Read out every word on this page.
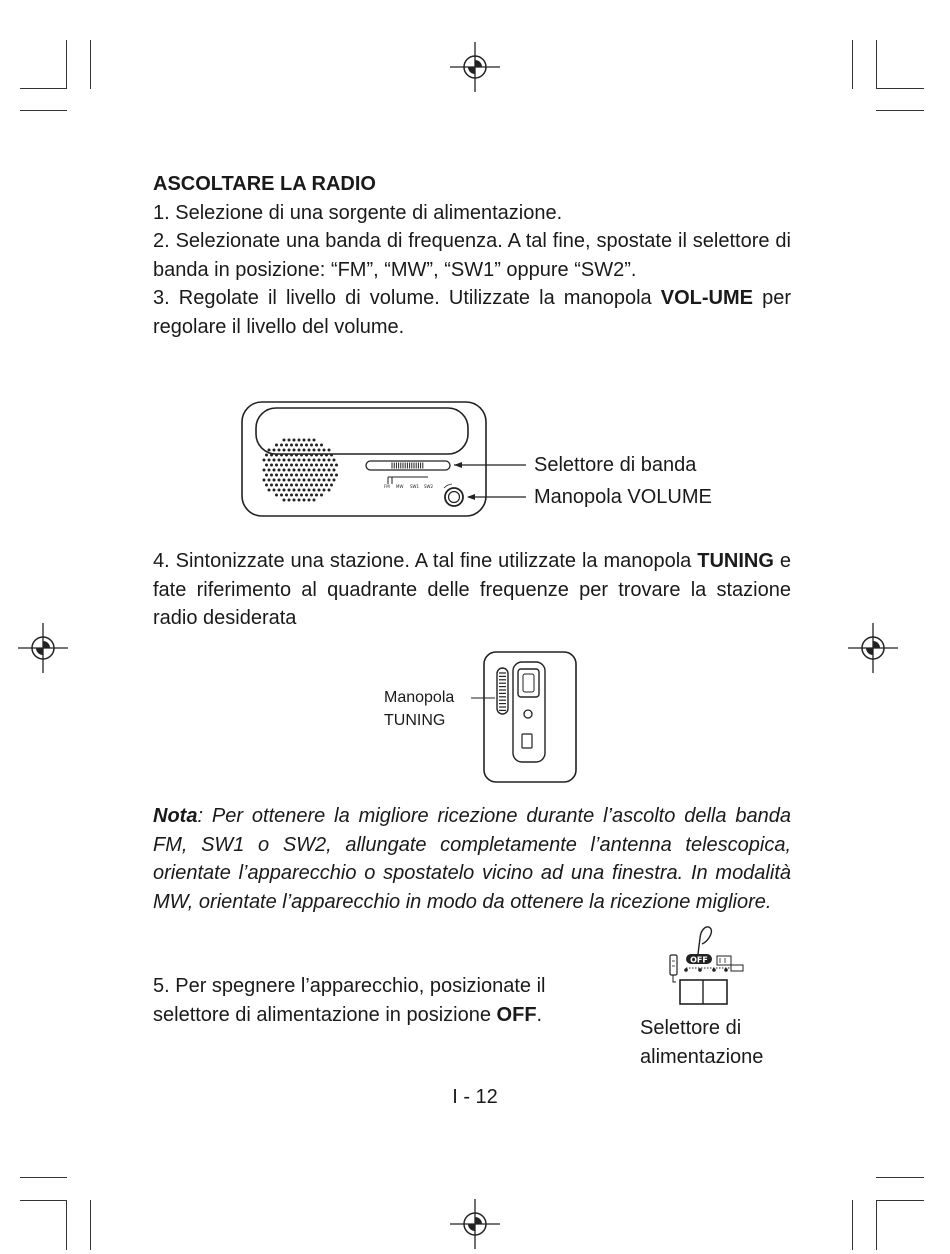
ASCOLTARE LA RADIO
1. Selezione di una sorgente di alimentazione.
2. Selezionate una banda di frequenza. A tal fine, spostate il selettore di banda in posizione: “FM”, “MW”, “SW1” oppure “SW2”.
3. Regolate il livello di volume. Utilizzate la manopola VOL-UME per regolare il livello del volume.
FM MW SW1 SW2
Selettore di banda
Manopola VOLUME
4. Sintonizzate una stazione. A tal fine utilizzate la manopola TUNING e fate riferimento al quadrante delle frequenze per trovare la stazione radio desiderata
Manopola
TUNING
Nota: Per ottenere la migliore ricezione durante l’ascolto della banda FM, SW1 o SW2, allungate completamente l’antenna telescopica, orientate l’apparecchio o spostatelo vicino ad una finestra. In modalità MW, orientate l’apparecchio in modo da ottenere la ricezione migliore.
5. Per spegnere l’apparecchio, posizionate il selettore di alimentazione in posizione OFF.
OFF
Selettore di
alimentazione
I - 12
